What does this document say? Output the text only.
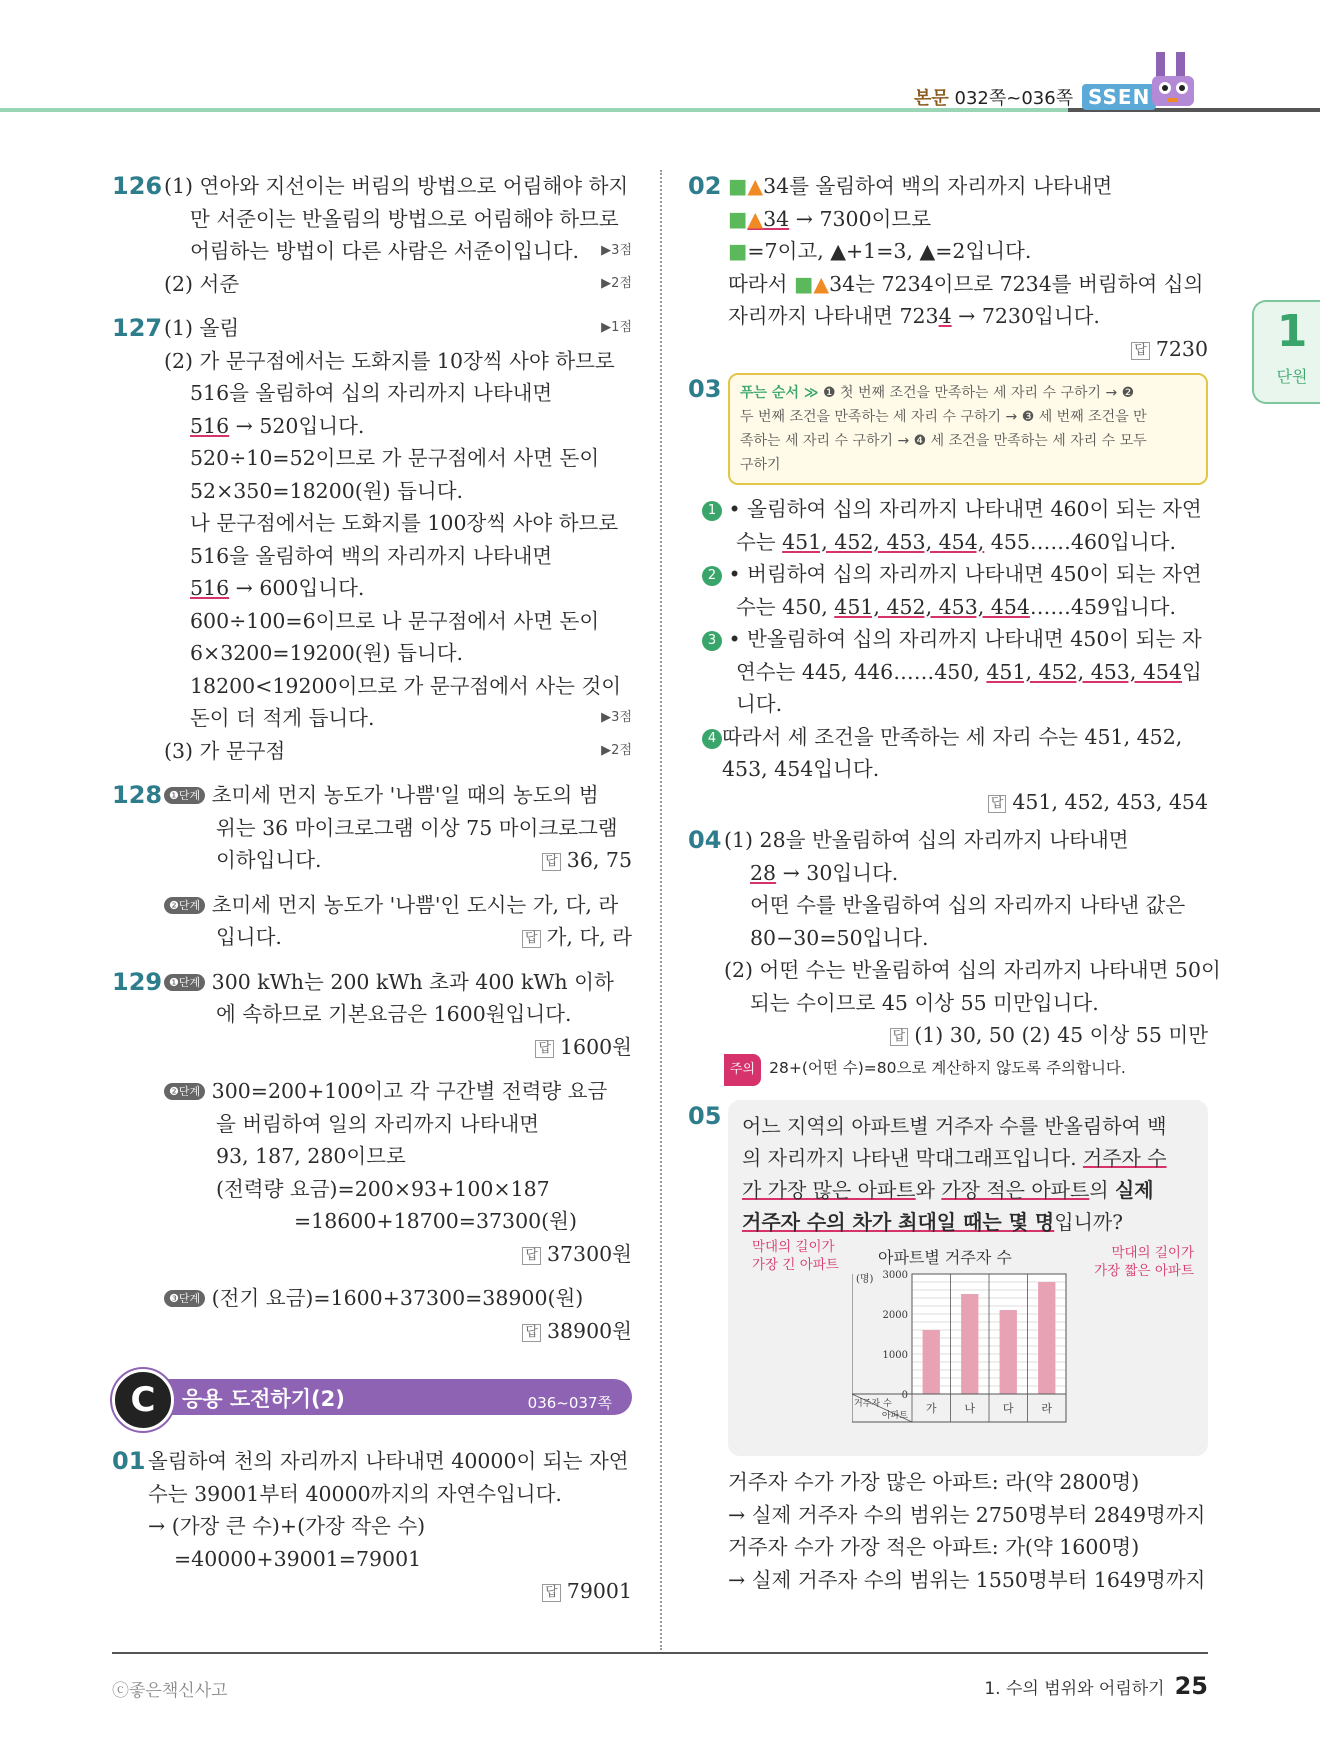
본문 032쪽~036쪽 SSEN
1
단원
126 (1) 연아와 지선이는 버림의 방법으로 어림해야 하지
만 서준이는 반올림의 방법으로 어림해야 하므로
어림하는 방법이 다른 사람은 서준이입니다. ▶3점
(2) 서준	▶2점
127 (1) 올림	▶1점
(2) 가 문구점에서는 도화지를 10장씩 사야 하므로
516을 올림하여 십의 자리까지 나타내면
516 → 520입니다.
520÷10=52이므로 가 문구점에서 사면 돈이
52×350=18200(원) 듭니다.
나 문구점에서는 도화지를 100장씩 사야 하므로
516을 올림하여 백의 자리까지 나타내면
516 → 600입니다.
600÷100=6이므로 나 문구점에서 사면 돈이
6×3200=19200(원) 듭니다.
18200<19200이므로 가 문구점에서 사는 것이
돈이 더 적게 듭니다.	▶3점
(3) 가 문구점	▶2점
128 ❶단계 초미세 먼지 농도가 '나쁨'일 때의 농도의 범
위는 36 마이크로그램 이상 75 마이크로그램
이하입니다.	답 36, 75
❷단계 초미세 먼지 농도가 '나쁨'인 도시는 가, 다, 라
입니다.	답 가, 다, 라
129 ❶단계 300 kWh는 200 kWh 초과 400 kWh 이하
에 속하므로 기본요금은 1600원입니다.
답 1600원
❷단계 300=200+100이고 각 구간별 전력량 요금
을 버림하여 일의 자리까지 나타내면
93, 187, 280이므로
(전력량 요금)=200×93+100×187
=18600+18700=37300(원)
답 37300원
❸단계 (전기 요금)=1600+37300=38900(원)
답 38900원
C	응용 도전하기(2)	036~037쪽
01 올림하여 천의 자리까지 나타내면 40000이 되는 자연
수는 39001부터 40000까지의 자연수입니다.
→ (가장 큰 수)+(가장 작은 수)
=40000+39001=79001
답 79001
02 ■▲34를 올림하여 백의 자리까지 나타내면
■▲34 → 7300이므로
■=7이고, ▲+1=3, ▲=2입니다.
따라서 ■▲34는 7234이므로 7234를 버림하여 십의
자리까지 나타내면 7234 → 7230입니다.
답 7230
03 푸는 순서 ≫ ❶ 첫 번째 조건을 만족하는 세 자리 수 구하기 → ❷
두 번째 조건을 만족하는 세 자리 수 구하기 → ❸ 세 번째 조건을 만
족하는 세 자리 수 구하기 → ❹ 세 조건을 만족하는 세 자리 수 모두
구하기
1 • 올림하여 십의 자리까지 나타내면 460이 되는 자연
수는 451, 452, 453, 454, 455……460입니다.
2 • 버림하여 십의 자리까지 나타내면 450이 되는 자연
수는 450, 451, 452, 453, 454……459입니다.
3 • 반올림하여 십의 자리까지 나타내면 450이 되는 자
연수는 445, 446……450, 451, 452, 453, 454입
니다.
4 따라서 세 조건을 만족하는 세 자리 수는 451, 452,
453, 454입니다.
답 451, 452, 453, 454
04 (1) 28을 반올림하여 십의 자리까지 나타내면
28 → 30입니다.
어떤 수를 반올림하여 십의 자리까지 나타낸 값은
80−30=50입니다.
(2) 어떤 수는 반올림하여 십의 자리까지 나타내면 50이
되는 수이므로 45 이상 55 미만입니다.
답 (1) 30, 50 (2) 45 이상 55 미만
주의 28+(어떤 수)=80으로 계산하지 않도록 주의합니다.
05 어느 지역의 아파트별 거주자 수를 반올림하여 백
의 자리까지 나타낸 막대그래프입니다. 거주자 수
가 가장 많은 아파트와 가장 적은 아파트의 실제
거주자 수의 차가 최대일 때는 몇 명입니까?
막대의 길이가
가장 긴 아파트
막대의 길이가
가장 짧은 아파트
아파트별 거주자 수
0
1000
2000
3000
(명)
가	나	다	라
거주자 수
아파트
거주자 수가 가장 많은 아파트: 라(약 2800명)
→ 실제 거주자 수의 범위는 2750명부터 2849명까지
거주자 수가 가장 적은 아파트: 가(약 1600명)
→ 실제 거주자 수의 범위는 1550명부터 1649명까지
ⓒ좋은책신사고	1. 수의 범위와 어림하기 25
